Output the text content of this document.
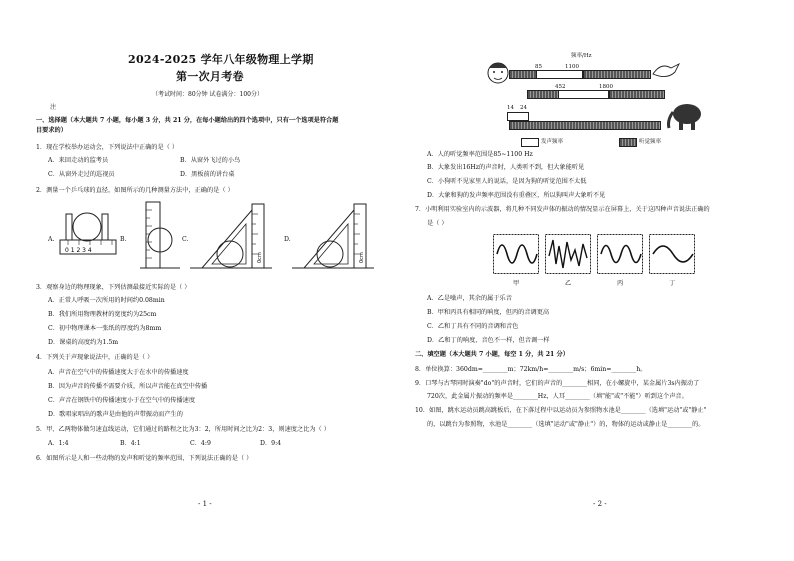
2024-2025 学年八年级物理上学期
第一次月考卷
（考试时间：80分钟 试卷满分：100分）
注
一、选择题（本大题共 7 小题，每小题 3 分，共 21 分，在每小题给出的四个选项中，只有一个选项是符合题
目要求的）
1．现在学校举办运动会，下列说法中正确的是（ ）
A．来回走动的监考员	B．从窗外飞过的小鸟
C．从窗外走过的巡视员	D．黑板前的讲台桌
2．测量一个乒乓球的直径，如图所示的几种测量方法中，正确的是（ ）
A.
0 1 2 3 4
B.	C.
0cm
D.
0cm
3．观察身边的物理现象，下列估测最接近实际的是（ ）
A．正常人呼吸一次所用的时间约0.08min
B．我们所用物理教材的宽度约为25cm
C．初中物理课本一张纸的厚度约为8mm
D．课桌的高度约为1.5m
4．下列关于声现象说法中，正确的是（ ）
A．声音在空气中的传播速度大于在水中的传播速度
B．因为声音的传播不需要介质，所以声音能在真空中传播
C．声音在钢铁中的传播速度小于在空气中的传播速度
D．歌唱家唱出的歌声是由他的声带振动而产生的
5．甲、乙两物体做匀速直线运动，它们通过的路程之比为3：2，所用时间之比为2：3，则速度之比为（ ）
A．1:4	B．4:1	C．4:9	D．9:4
6．如图所示是人和一些动物的发声和听觉的频率范围，下列说法正确的是（ ）
- 1 -
频率/Hz
85	1100
452	1800
14 24
发声频率	听觉频率
A．人的听觉频率范围是85~1100 Hz
B．大象发出16Hz的声音时，人类听不到，但大象能听见
C．小狗听不见家里人的说话，是因为狗的听觉范围不太低
D．大象和狗的发声频率范围没有重叠区，所以狗叫声大象听不见
7．小明利用实验室内的示波器，将几种不同发声体的振动的情况显示在屏幕上，关于这四种声音说法正确的
是（ ）
甲	乙	丙	丁
A．乙是噪声，其余的属于乐音
B．甲和丙具有相同的响度，但丙的音调更高
C．乙和丁具有不同的音调和音色
D．乙和丁的响度、音色不一样，但音调一样
二、填空题（本大题共 7 小题，每空 1 分，共 21 分）
8．单位换算：360dm=________m；72km/h=________m/s；6min=________h。
9．口琴与古琴同时演奏"do"的声音时，它们的声音的________相同，在小螺旋中，某金属片3s内振动了
720次，此金属片振动的频率是________Hz，人耳________（填"能"或"不能"）听到这个声音。
10．如图，跳水运动员跳高跳板后，在下落过程中以运动员为参照物水池是________（选填"运动"或"静止"
的，以跳台为参照物，水池是________（选填"运动"或"静止"）的，物体的运动或静止是________的。
- 2 -
